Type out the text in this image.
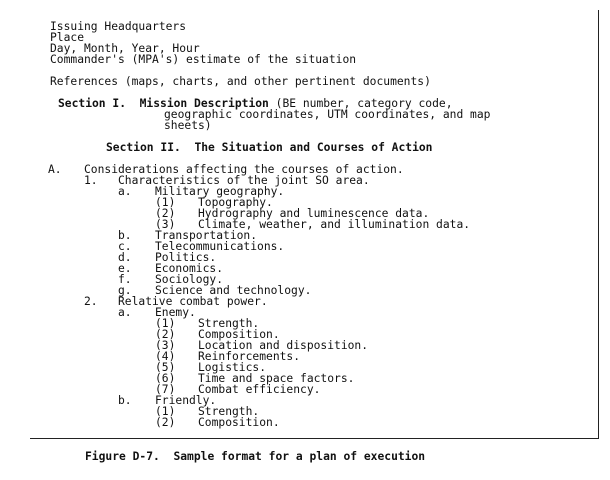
Issuing Headquarters
Place
Day, Month, Year, Hour
Commander's (MPA's) estimate of the situation
References (maps, charts, and other pertinent documents)
Section I. Mission Description (BE number, category code,
geographic coordinates, UTM coordinates, and map
sheets)
Section II. The Situation and Courses of Action
A. Considerations affecting the courses of action.
1. Characteristics of the joint SO area.
a. Military geography.
(1) Topography.
(2) Hydrography and luminescence data.
(3) Climate, weather, and illumination data.
b. Transportation.
c. Telecommunications.
d. Politics.
e. Economics.
f. Sociology.
g. Science and technology.
2. Relative combat power.
a. Enemy.
(1) Strength.
(2) Composition.
(3) Location and disposition.
(4) Reinforcements.
(5) Logistics.
(6) Time and space factors.
(7) Combat efficiency.
b. Friendly.
(1) Strength.
(2) Composition.
Figure D-7. Sample format for a plan of execution
